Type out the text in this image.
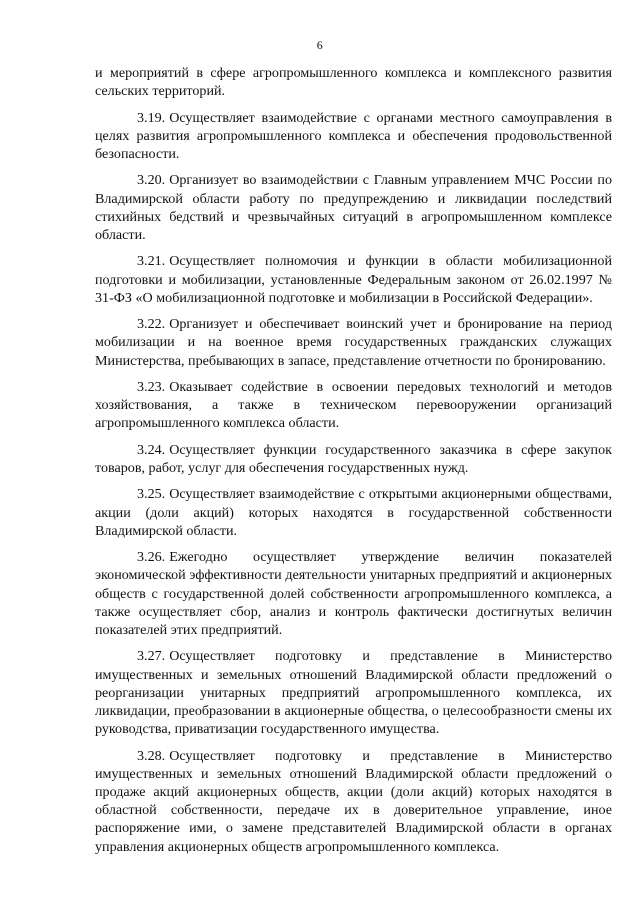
6

и мероприятий в сфере агропромышленного комплекса и комплексного развития сельских территорий.

3.19. Осуществляет взаимодействие с органами местного самоуправления в целях развития агропромышленного комплекса и обеспечения продовольственной безопасности.

3.20. Организует во взаимодействии с Главным управлением МЧС России по Владимирской области работу по предупреждению и ликвидации последствий стихийных бедствий и чрезвычайных ситуаций в агропромышленном комплексе области.

3.21. Осуществляет полномочия и функции в области мобилизационной подготовки и мобилизации, установленные Федеральным законом от 26.02.1997 № 31-ФЗ «О мобилизационной подготовке и мобилизации в Российской Федерации».

3.22. Организует и обеспечивает воинский учет и бронирование на период мобилизации и на военное время государственных гражданских служащих Министерства, пребывающих в запасе, представление отчетности по бронированию.

3.23. Оказывает содействие в освоении передовых технологий и методов хозяйствования, а также в техническом перевооружении организаций агропромышленного комплекса области.

3.24. Осуществляет функции государственного заказчика в сфере закупок товаров, работ, услуг для обеспечения государственных нужд.

3.25. Осуществляет взаимодействие с открытыми акционерными обществами, акции (доли акций) которых находятся в государственной собственности Владимирской области.

3.26. Ежегодно осуществляет утверждение величин показателей экономической эффективности деятельности унитарных предприятий и акционерных обществ с государственной долей собственности агропромышленного комплекса, а также осуществляет сбор, анализ и контроль фактически достигнутых величин показателей этих предприятий.

3.27. Осуществляет подготовку и представление в Министерство имущественных и земельных отношений Владимирской области предложений о реорганизации унитарных предприятий агропромышленного комплекса, их ликвидации, преобразовании в акционерные общества, о целесообразности смены их руководства, приватизации государственного имущества.

3.28. Осуществляет подготовку и представление в Министерство имущественных и земельных отношений Владимирской области предложений о продаже акций акционерных обществ, акции (доли акций) которых находятся в областной собственности, передаче их в доверительное управление, иное распоряжение ими, о замене представителей Владимирской области в органах управления акционерных обществ агропромышленного комплекса.
